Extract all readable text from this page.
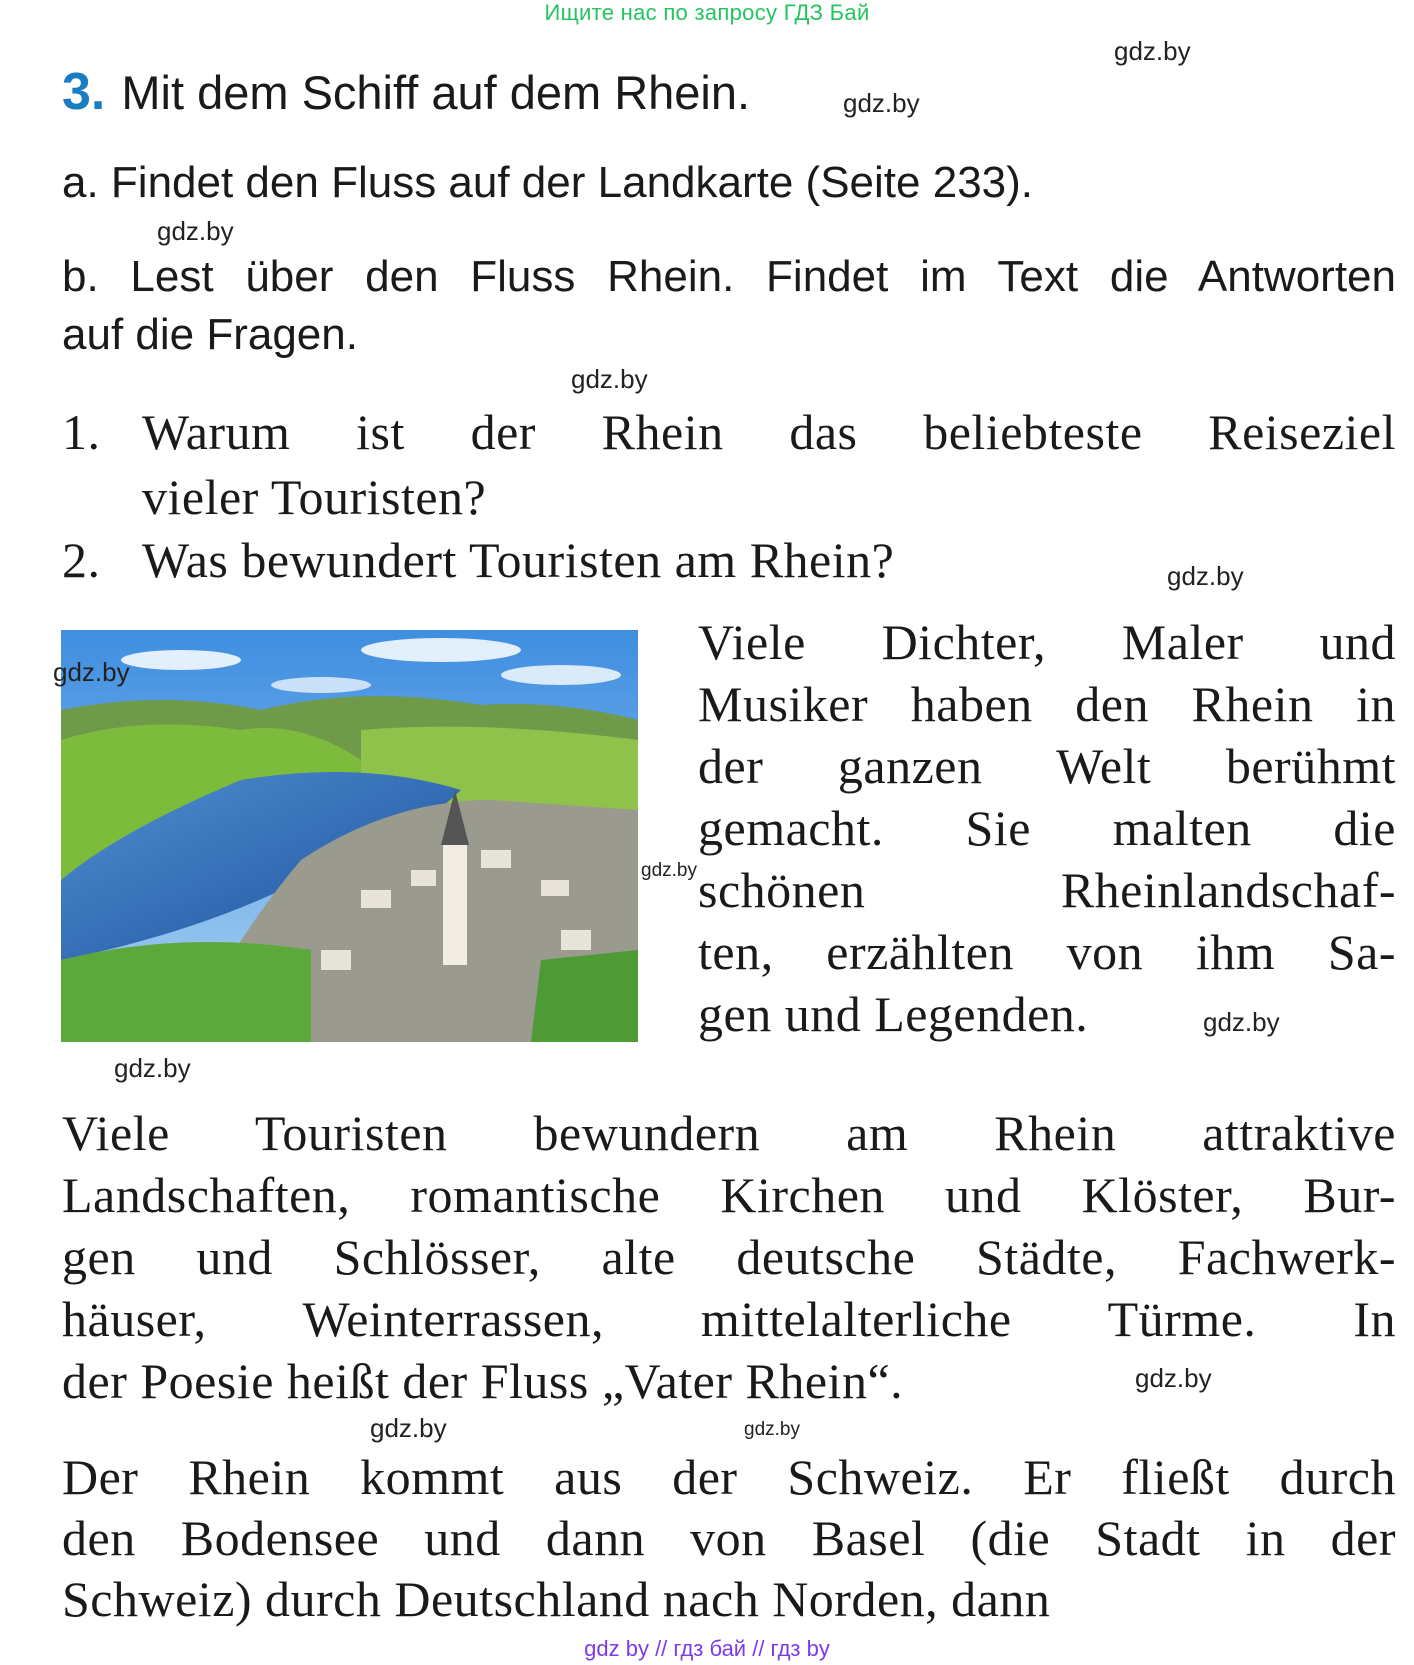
Ищите нас по запросу ГДЗ Бай
3. Mit dem Schiff auf dem Rhein.
a. Findet den Fluss auf der Landkarte (Seite 233).
b. Lest über den Fluss Rhein. Findet im Text die Antworten
auf die Fragen.
1. Warum ist der Rhein das beliebteste Reiseziel
vieler Touristen?
2. Was bewundert Touristen am Rhein?
Viele Dichter, Maler und
Musiker haben den Rhein in
der ganzen Welt berühmt
gemacht. Sie malten die
schönen Rheinlandschaf-
ten, erzählten von ihm Sa-
gen und Legenden.
Viele Touristen bewundern am Rhein attraktive
Landschaften, romantische Kirchen und Klöster, Bur-
gen und Schlösser, alte deutsche Städte, Fachwerk-
häuser, Weinterrassen, mittelalterliche Türme. In
der Poesie heißt der Fluss „Vater Rhein“.
Der Rhein kommt aus der Schweiz. Er fließt durch
den Bodensee und dann von Basel (die Stadt in der
Schweiz) durch Deutschland nach Norden, dann
gdz.by
gdz.by
gdz.by
gdz.by
gdz.by
gdz.by
gdz.by
gdz.by
gdz.by
gdz.by
gdz.by	gdz.by
gdz by // гдз бай // гдз by
